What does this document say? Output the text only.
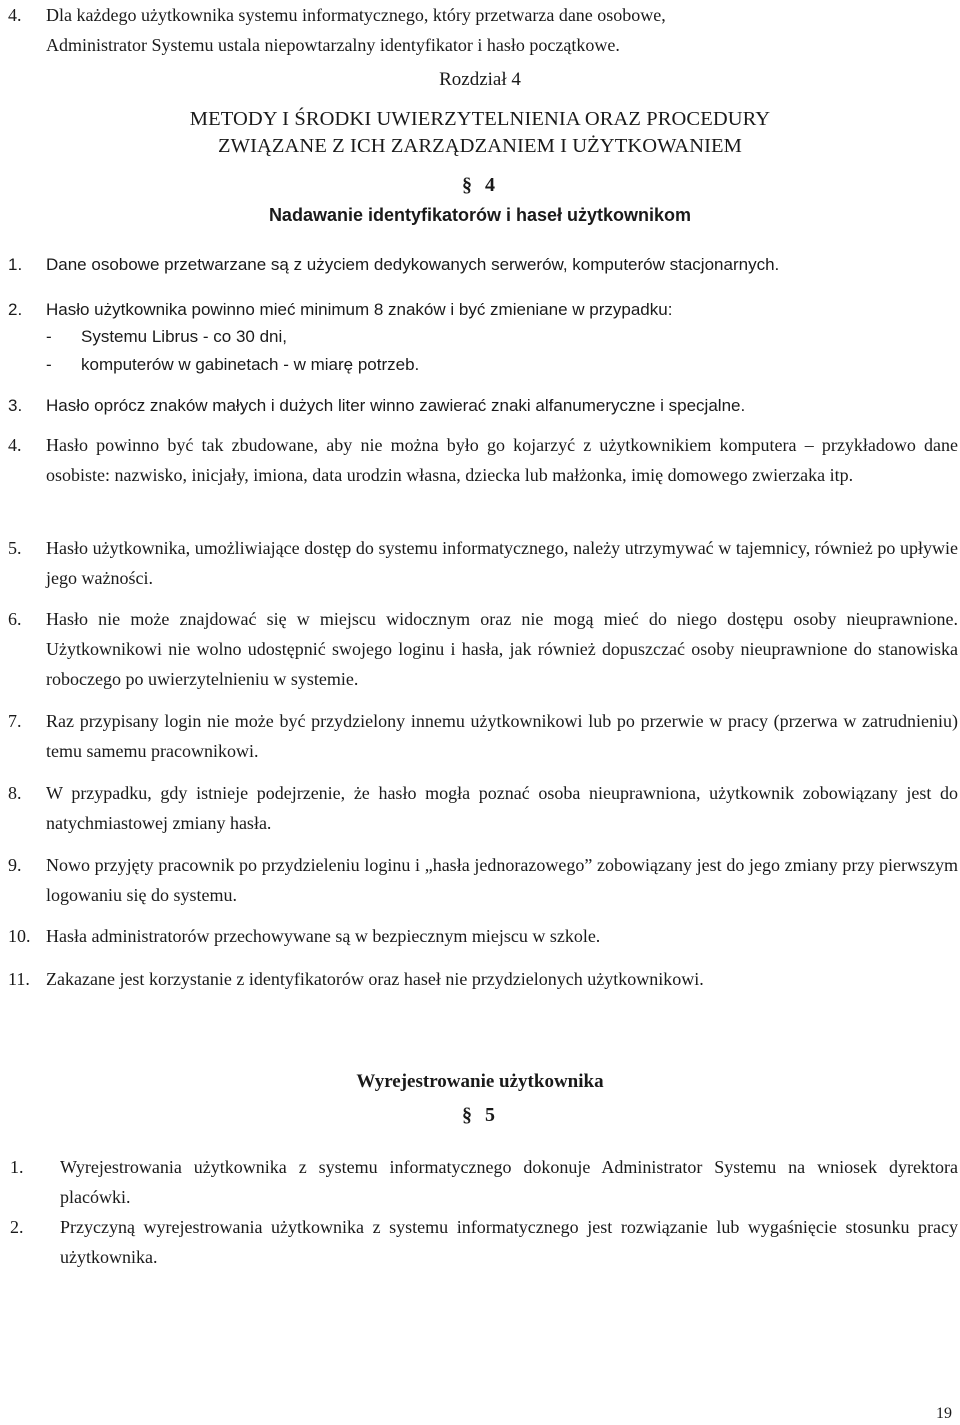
4. Dla każdego użytkownika systemu informatycznego, który przetwarza dane osobowe,
Administrator Systemu ustala niepowtarzalny identyfikator i hasło początkowe.
Rozdział 4
METODY I ŚRODKI UWIERZYTELNIENIA ORAZ PROCEDURY
ZWIĄZANE Z ICH ZARZĄDZANIEM I UŻYTKOWANIEM
§ 4
Nadawanie identyfikatorów i haseł użytkownikom
1. Dane osobowe przetwarzane są z użyciem dedykowanych serwerów, komputerów stacjonarnych.
2. Hasło użytkownika powinno mieć minimum 8 znaków i być zmieniane w przypadku:
- Systemu Librus - co 30 dni,
- komputerów w gabinetach - w miarę potrzeb.
3. Hasło oprócz znaków małych i dużych liter winno zawierać znaki alfanumeryczne i specjalne.
4. Hasło powinno być tak zbudowane, aby nie można było go kojarzyć z użytkownikiem komputera – przykładowo dane osobiste: nazwisko, inicjały, imiona, data urodzin własna, dziecka lub małżonka, imię domowego zwierzaka itp.
5. Hasło użytkownika, umożliwiające dostęp do systemu informatycznego, należy utrzymywać w tajemnicy, również po upływie jego ważności.
6. Hasło nie może znajdować się w miejscu widocznym oraz nie mogą mieć do niego dostępu osoby nieuprawnione. Użytkownikowi nie wolno udostępnić swojego loginu i hasła, jak również dopuszczać osoby nieuprawnione do stanowiska roboczego po uwierzytelnieniu w systemie.
7. Raz przypisany login nie może być przydzielony innemu użytkownikowi lub po przerwie w pracy (przerwa w zatrudnieniu) temu samemu pracownikowi.
8. W przypadku, gdy istnieje podejrzenie, że hasło mogła poznać osoba nieuprawniona, użytkownik zobowiązany jest do natychmiastowej zmiany hasła.
9. Nowo przyjęty pracownik po przydzieleniu loginu i „hasła jednorazowego” zobowiązany jest do jego zmiany przy pierwszym logowaniu się do systemu.
10. Hasła administratorów przechowywane są w bezpiecznym miejscu w szkole.
11. Zakazane jest korzystanie z identyfikatorów oraz haseł nie przydzielonych użytkownikowi.
Wyrejestrowanie użytkownika
§ 5
1. Wyrejestrowania użytkownika z systemu informatycznego dokonuje Administrator Systemu na wniosek dyrektora placówki.
2. Przyczyną wyrejestrowania użytkownika z systemu informatycznego jest rozwiązanie lub wygaśnięcie stosunku pracy użytkownika.
19
